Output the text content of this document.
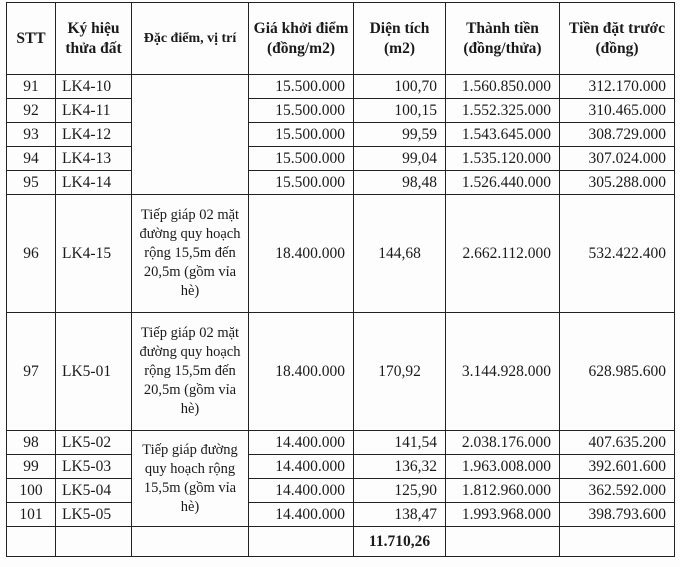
STT	Ký hiệu thửa đất	Đặc điểm, vị trí	Giá khởi điểm (đồng/m2)	Diện tích (m2)	Thành tiền (đồng/thửa)	Tiền đặt trước (đồng)
91	LK4-10		15.500.000	100,70	1.560.850.000	312.170.000
92	LK4-11		15.500.000	100,15	1.552.325.000	310.465.000
93	LK4-12		15.500.000	99,59	1.543.645.000	308.729.000
94	LK4-13		15.500.000	99,04	1.535.120.000	307.024.000
95	LK4-14		15.500.000	98,48	1.526.440.000	305.288.000
96	LK4-15	Tiếp giáp 02 mặt đường quy hoạch rộng 15,5m đến 20,5m (gồm vỉa hè)	18.400.000	144,68	2.662.112.000	532.422.400
97	LK5-01	Tiếp giáp 02 mặt đường quy hoạch rộng 15,5m đến 20,5m (gồm vỉa hè)	18.400.000	170,92	3.144.928.000	628.985.600
98	LK5-02	Tiếp giáp đường quy hoạch rộng 15,5m (gồm vỉa hè)	14.400.000	141,54	2.038.176.000	407.635.200
99	LK5-03		14.400.000	136,32	1.963.008.000	392.601.600
100	LK5-04		14.400.000	125,90	1.812.960.000	362.592.000
101	LK5-05		14.400.000	138,47	1.993.968.000	398.793.600
				11.710,26		
